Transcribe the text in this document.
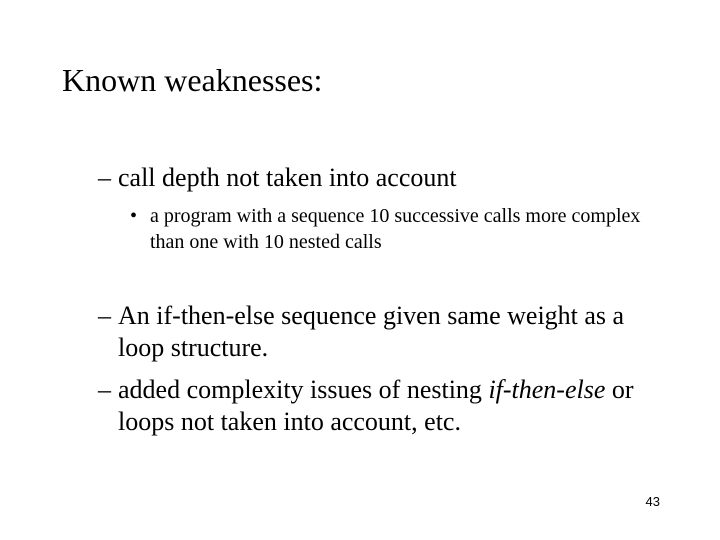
Known weaknesses:
– call depth not taken into account
• a program with a sequence 10 successive calls more complex than one with 10 nested calls
– An if-then-else sequence given same weight as a loop structure.
– added complexity issues of nesting if-then-else or loops not taken into account, etc.
43
